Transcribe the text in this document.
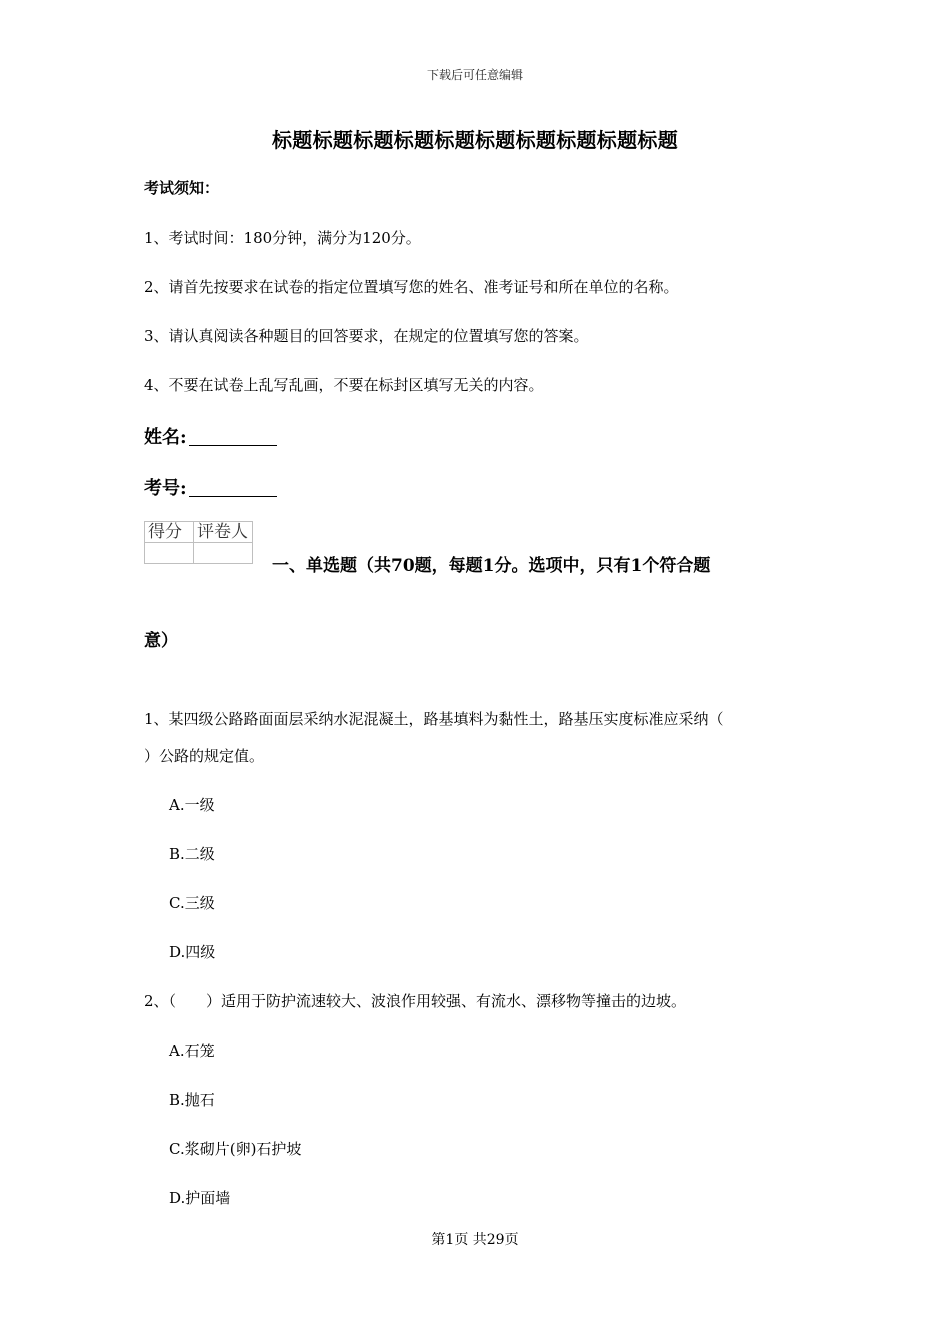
下载后可任意编辑
标题标题标题标题标题标题标题标题标题标题
考试须知：
1、考试时间：180分钟，满分为120分。
2、请首先按要求在试卷的指定位置填写您的姓名、准考证号和所在单位的名称。
3、请认真阅读各种题目的回答要求，在规定的位置填写您的答案。
4、不要在试卷上乱写乱画，不要在标封区填写无关的内容。
姓名:
考号:
得分	评卷人

一、单选题（共70题，每题1分。选项中，只有1个符合题
意）
1、某四级公路路面面层采纳水泥混凝土，路基填料为黏性土，路基压实度标准应采纳（
）公路的规定值。
A.一级
B.二级
C.三级
D.四级
2、（　　）适用于防护流速较大、波浪作用较强、有流水、漂移物等撞击的边坡。
A.石笼
B.抛石
C.浆砌片(卵)石护坡
D.护面墙
第1页 共29页
